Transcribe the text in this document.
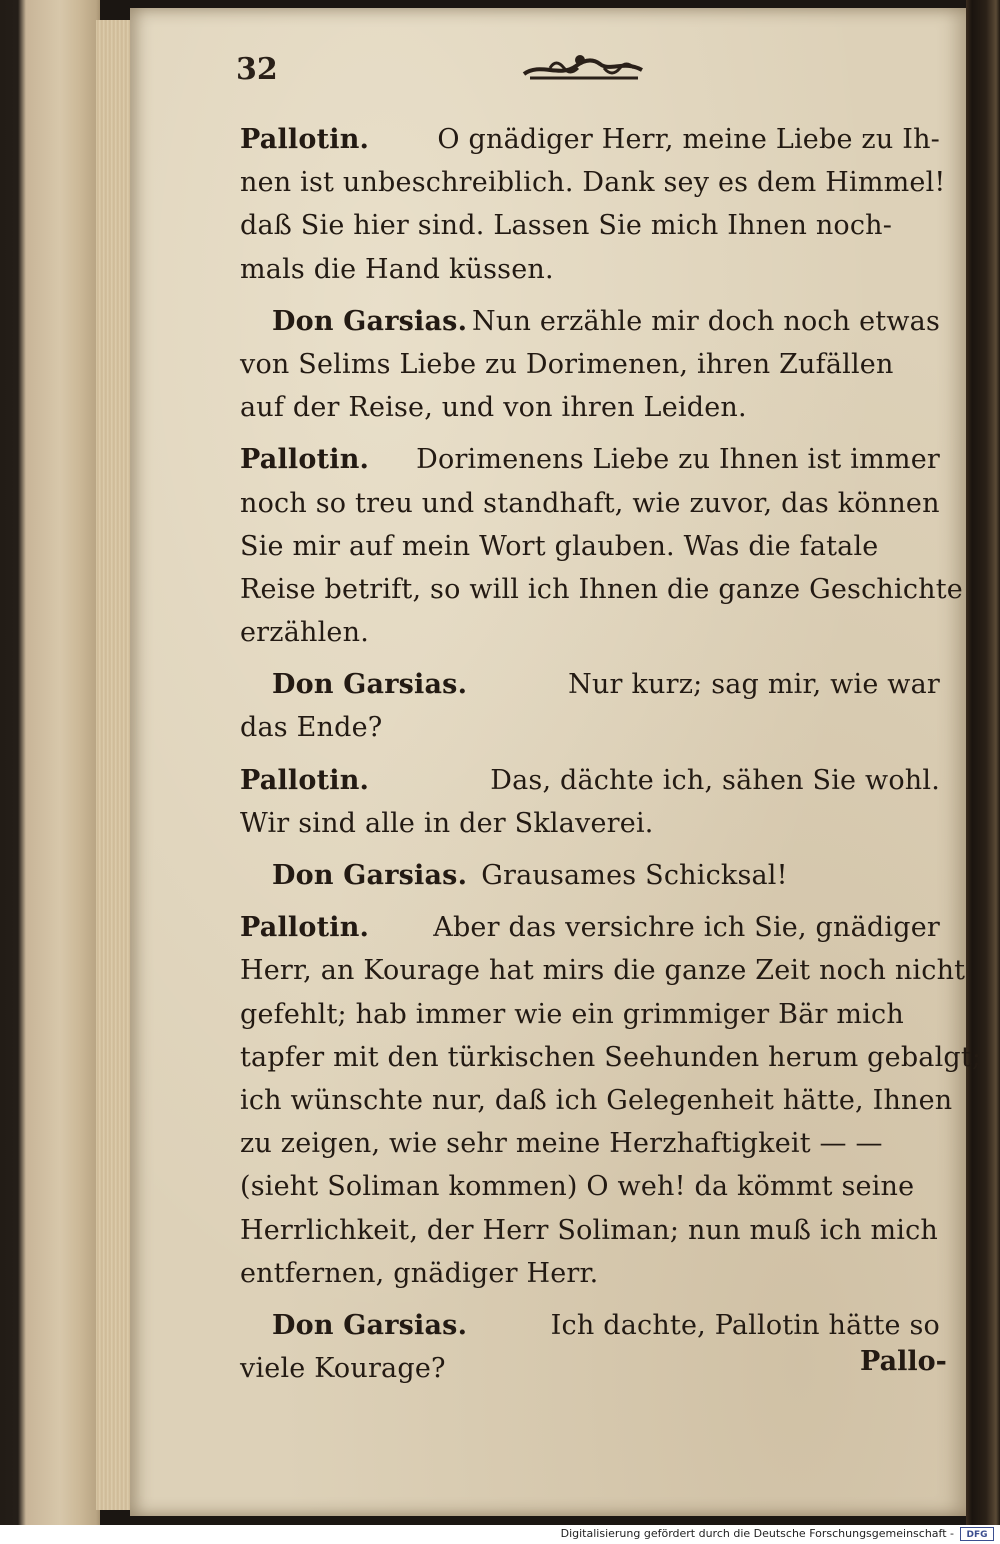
32
Pallotin.	O gnädiger Herr, meine Liebe zu Ih-
nen ist unbeschreiblich. Dank sey es dem Himmel!
daß Sie hier sind. Lassen Sie mich Ihnen noch-
mals die Hand küssen.
Don Garsias. Nun erzähle mir doch noch etwas
von Selims Liebe zu Dorimenen, ihren Zufällen
auf der Reise, und von ihren Leiden.
Pallotin. Dorimenens Liebe zu Ihnen ist immer
noch so treu und standhaft, wie zuvor, das können
Sie mir auf mein Wort glauben. Was die fatale
Reise betrift, so will ich Ihnen die ganze Geschichte
erzählen.
Don Garsias.	Nur kurz; sag mir, wie war
das Ende?
Pallotin.	Das, dächte ich, sähen Sie wohl.
Wir sind alle in der Sklaverei.
Don Garsias. Grausames Schicksal!
Pallotin. Aber das versichre ich Sie, gnädiger
Herr, an Kourage hat mirs die ganze Zeit noch nicht
gefehlt; hab immer wie ein grimmiger Bär mich
tapfer mit den türkischen Seehunden herum gebalgt;
ich wünschte nur, daß ich Gelegenheit hätte, Ihnen
zu zeigen, wie sehr meine Herzhaftigkeit — —
(sieht Soliman kommen) O weh! da kömmt seine
Herrlichkeit, der Herr Soliman; nun muß ich mich
entfernen, gnädiger Herr.
Don Garsias.	Ich dachte, Pallotin hätte so
viele Kourage?	Pallo-
Digitalisierung gefördert durch die Deutsche Forschungsgemeinschaft -	DFG
